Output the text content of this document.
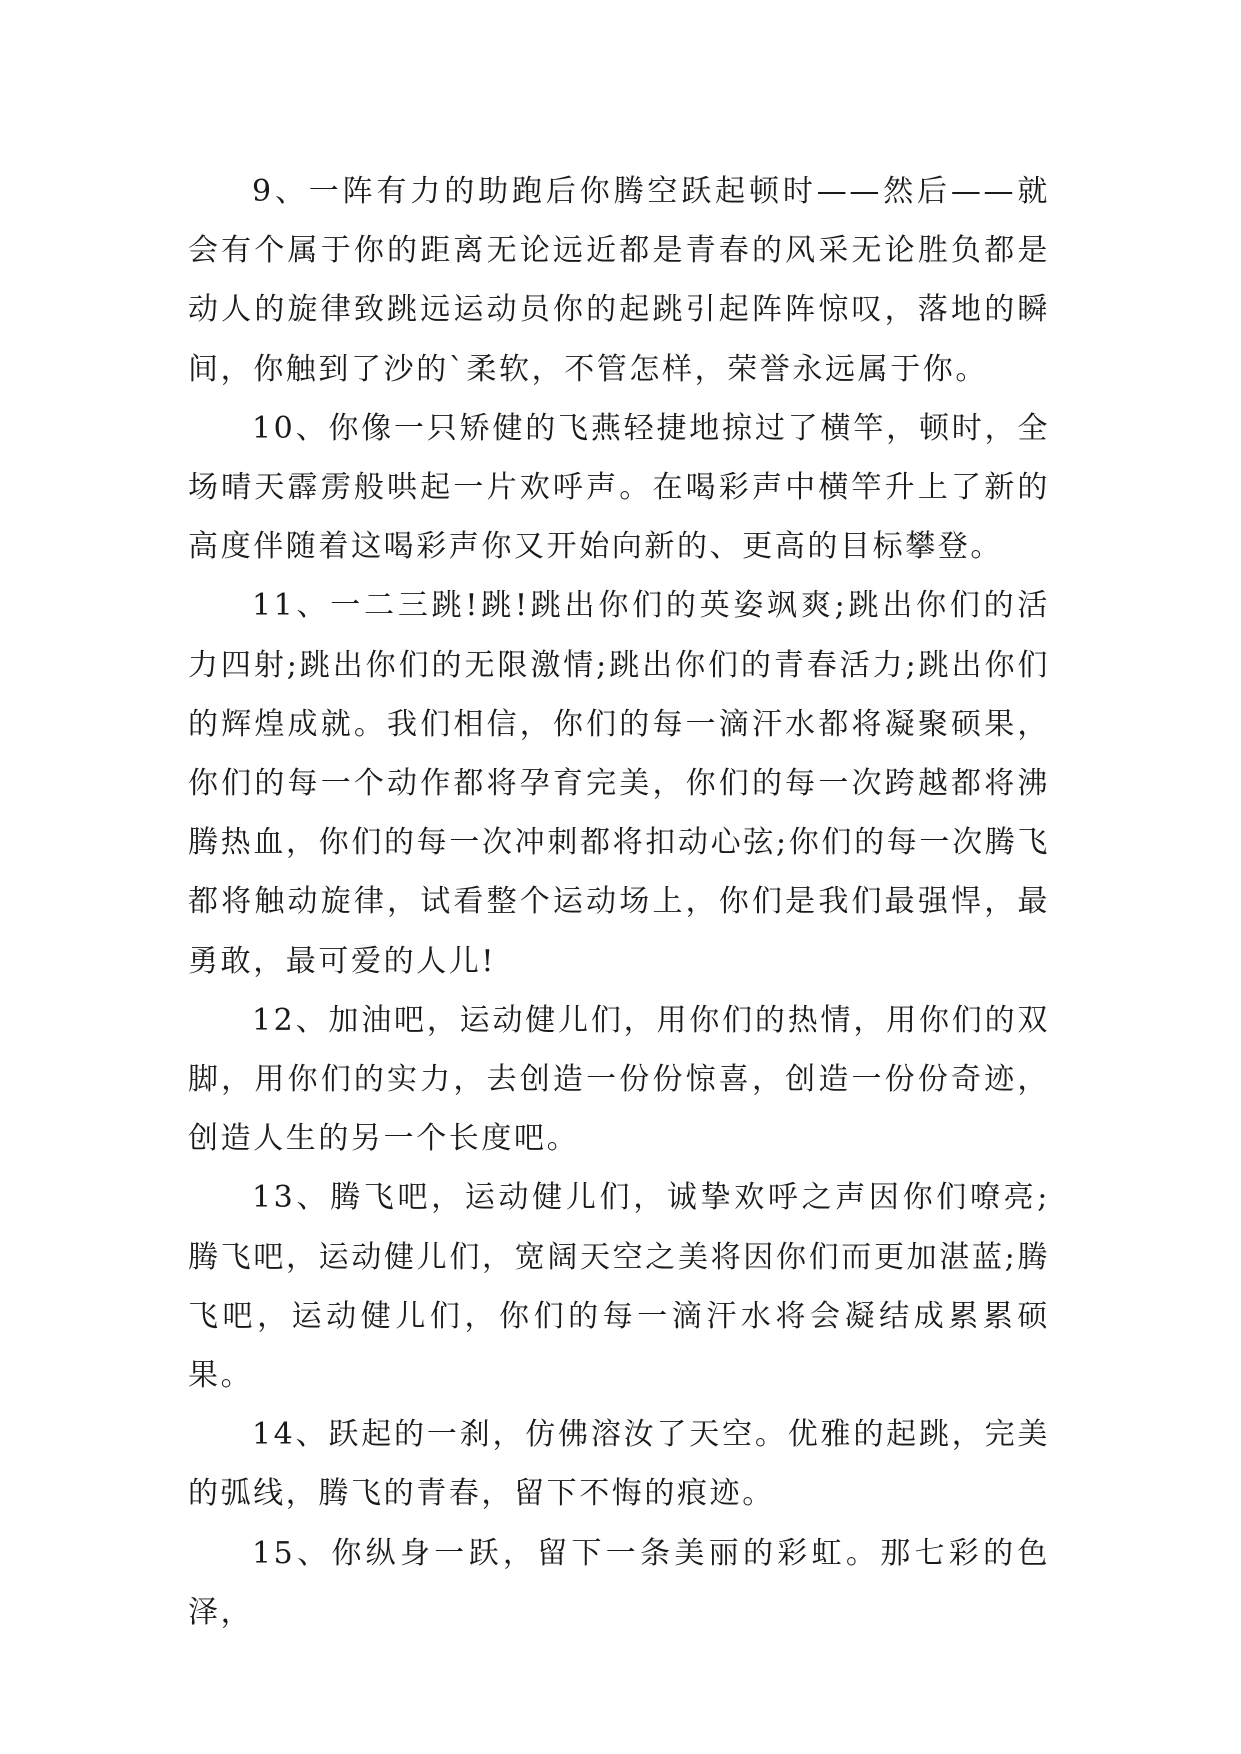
9、一阵有力的助跑后你腾空跃起顿时——然后——就会有个属于你的距离无论远近都是青春的风采无论胜负都是动人的旋律致跳远运动员你的起跳引起阵阵惊叹，落地的瞬间，你触到了沙的`柔软，不管怎样，荣誉永远属于你。

10、你像一只矫健的飞燕轻捷地掠过了横竿，顿时，全场晴天霹雳般哄起一片欢呼声。在喝彩声中横竿升上了新的高度伴随着这喝彩声你又开始向新的、更高的目标攀登。

11、一二三跳!跳!跳出你们的英姿飒爽;跳出你们的活力四射;跳出你们的无限激情;跳出你们的青春活力;跳出你们的辉煌成就。我们相信，你们的每一滴汗水都将凝聚硕果，你们的每一个动作都将孕育完美，你们的每一次跨越都将沸腾热血，你们的每一次冲刺都将扣动心弦;你们的每一次腾飞都将触动旋律，试看整个运动场上，你们是我们最强悍，最勇敢，最可爱的人儿!

12、加油吧，运动健儿们，用你们的热情，用你们的双脚，用你们的实力，去创造一份份惊喜，创造一份份奇迹，创造人生的另一个长度吧。

13、腾飞吧，运动健儿们，诚挚欢呼之声因你们嘹亮;腾飞吧，运动健儿们，宽阔天空之美将因你们而更加湛蓝;腾飞吧，运动健儿们，你们的每一滴汗水将会凝结成累累硕果。

14、跃起的一刹，仿佛溶汝了天空。优雅的起跳，完美的弧线，腾飞的青春，留下不悔的痕迹。

15、你纵身一跃，留下一条美丽的彩虹。那七彩的色泽，
